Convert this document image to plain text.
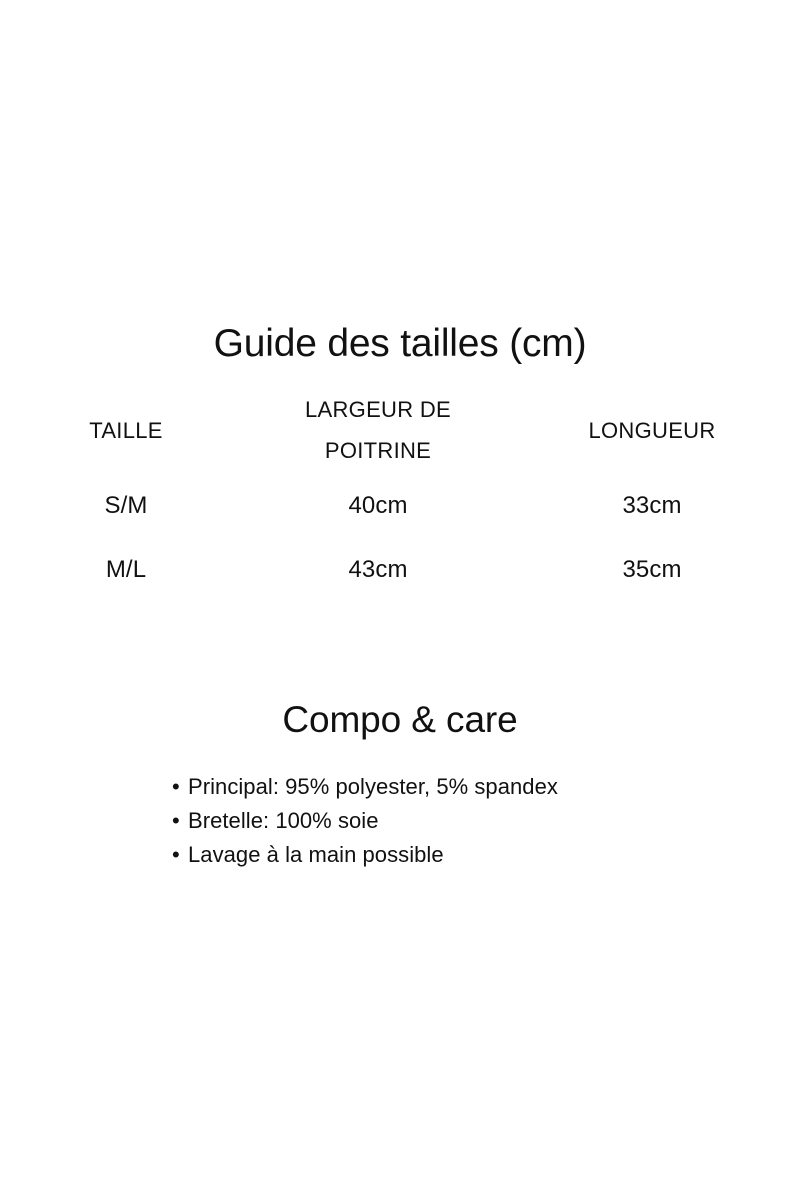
Guide des tailles (cm)
TAILLE	LARGEUR DE POITRINE	LONGUEUR
S/M	40cm	33cm
M/L	43cm	35cm
Compo & care
• Principal: 95% polyester, 5% spandex
• Bretelle: 100% soie
• Lavage à la main possible
